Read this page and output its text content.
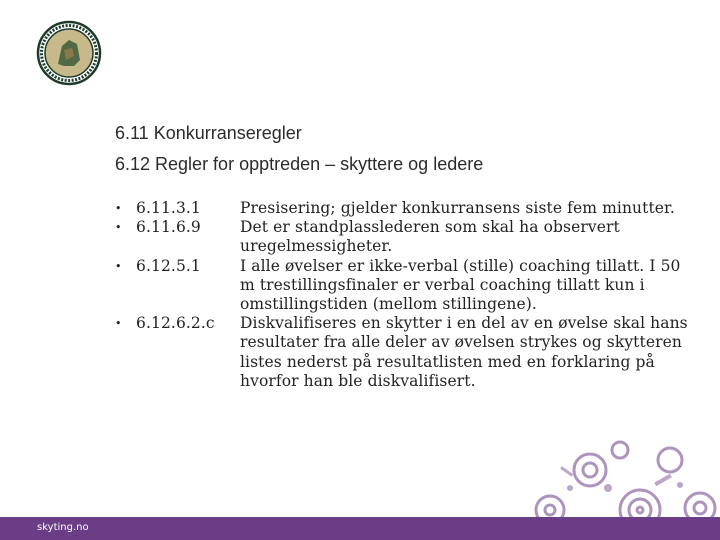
6.11 Konkurranseregler
6.12 Regler for opptreden – skyttere og ledere
• 6.11.3.1	Presisering; gjelder konkurransens siste fem minutter.
• 6.11.6.9	Det er standplasslederen som skal ha observert uregelmessigheter.
• 6.12.5.1	I alle øvelser er ikke-verbal (stille) coaching tillatt. I 50 m trestillingsfinaler er verbal coaching tillatt kun i omstillingstiden (mellom stillingene).
• 6.12.6.2.c Diskvalifiseres en skytter i en del av en øvelse skal hans resultater fra alle deler av øvelsen strykes og skytteren listes nederst på resultatlisten med en forklaring på hvorfor han ble diskvalifisert.
skyting.no
